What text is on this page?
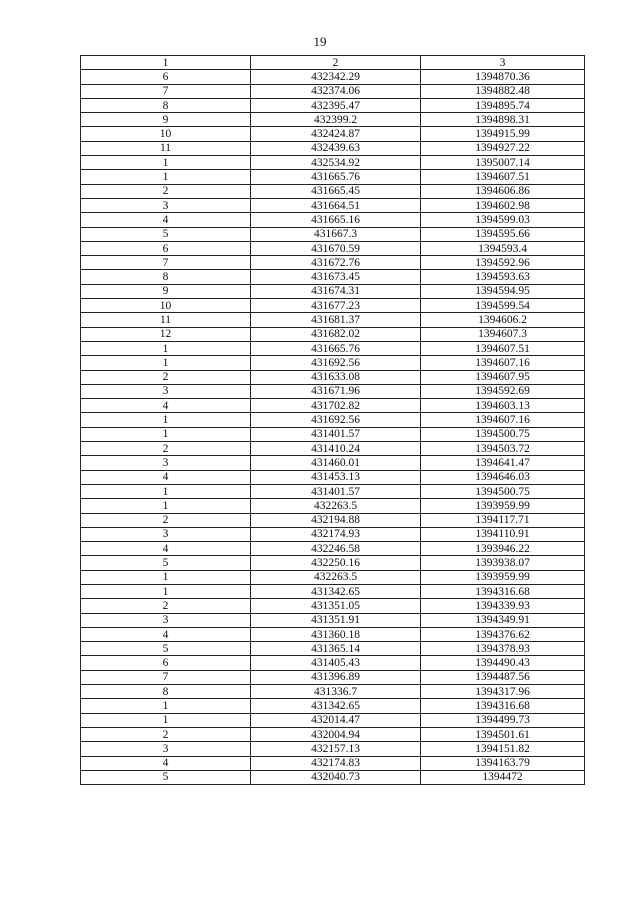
19
1	2	3
6	432342.29	1394870.36
7	432374.06	1394882.48
8	432395.47	1394895.74
9	432399.2	1394898.31
10	432424.87	1394915.99
11	432439.63	1394927.22
1	432534.92	1395007.14
1	431665.76	1394607.51
2	431665.45	1394606.86
3	431664.51	1394602.98
4	431665.16	1394599.03
5	431667.3	1394595.66
6	431670.59	1394593.4
7	431672.76	1394592.96
8	431673.45	1394593.63
9	431674.31	1394594.95
10	431677.23	1394599.54
11	431681.37	1394606.2
12	431682.02	1394607.3
1	431665.76	1394607.51
1	431692.56	1394607.16
2	431633.08	1394607.95
3	431671.96	1394592.69
4	431702.82	1394603.13
1	431692.56	1394607.16
1	431401.57	1394500.75
2	431410.24	1394503.72
3	431460.01	1394641.47
4	431453.13	1394646.03
1	431401.57	1394500.75
1	432263.5	1393959.99
2	432194.88	1394117.71
3	432174.93	1394110.91
4	432246.58	1393946.22
5	432250.16	1393938.07
1	432263.5	1393959.99
1	431342.65	1394316.68
2	431351.05	1394339.93
3	431351.91	1394349.91
4	431360.18	1394376.62
5	431365.14	1394378.93
6	431405.43	1394490.43
7	431396.89	1394487.56
8	431336.7	1394317.96
1	431342.65	1394316.68
1	432014.47	1394499.73
2	432004.94	1394501.61
3	432157.13	1394151.82
4	432174.83	1394163.79
5	432040.73	1394472
